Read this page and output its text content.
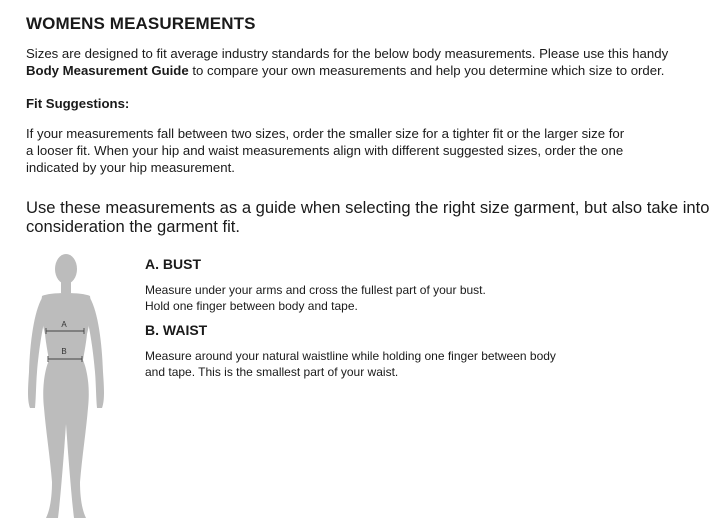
WOMENS MEASUREMENTS
Sizes are designed to fit average industry standards for the below body measurements. Please use this handy
Body Measurement Guide to compare your own measurements and help you determine which size to order.
Fit Suggestions:
If your measurements fall between two sizes, order the smaller size for a tighter fit or the larger size for a looser fit. When your hip and waist measurements align with different suggested sizes, order the one indicated by your hip measurement.
Use these measurements as a guide when selecting the right size garment, but also take into consideration the garment fit.
A
B
A. BUST

Measure under your arms and cross the fullest part of your bust.
Hold one finger between body and tape.

B. WAIST

Measure around your natural waistline while holding one finger between body
and tape. This is the smallest part of your waist.
